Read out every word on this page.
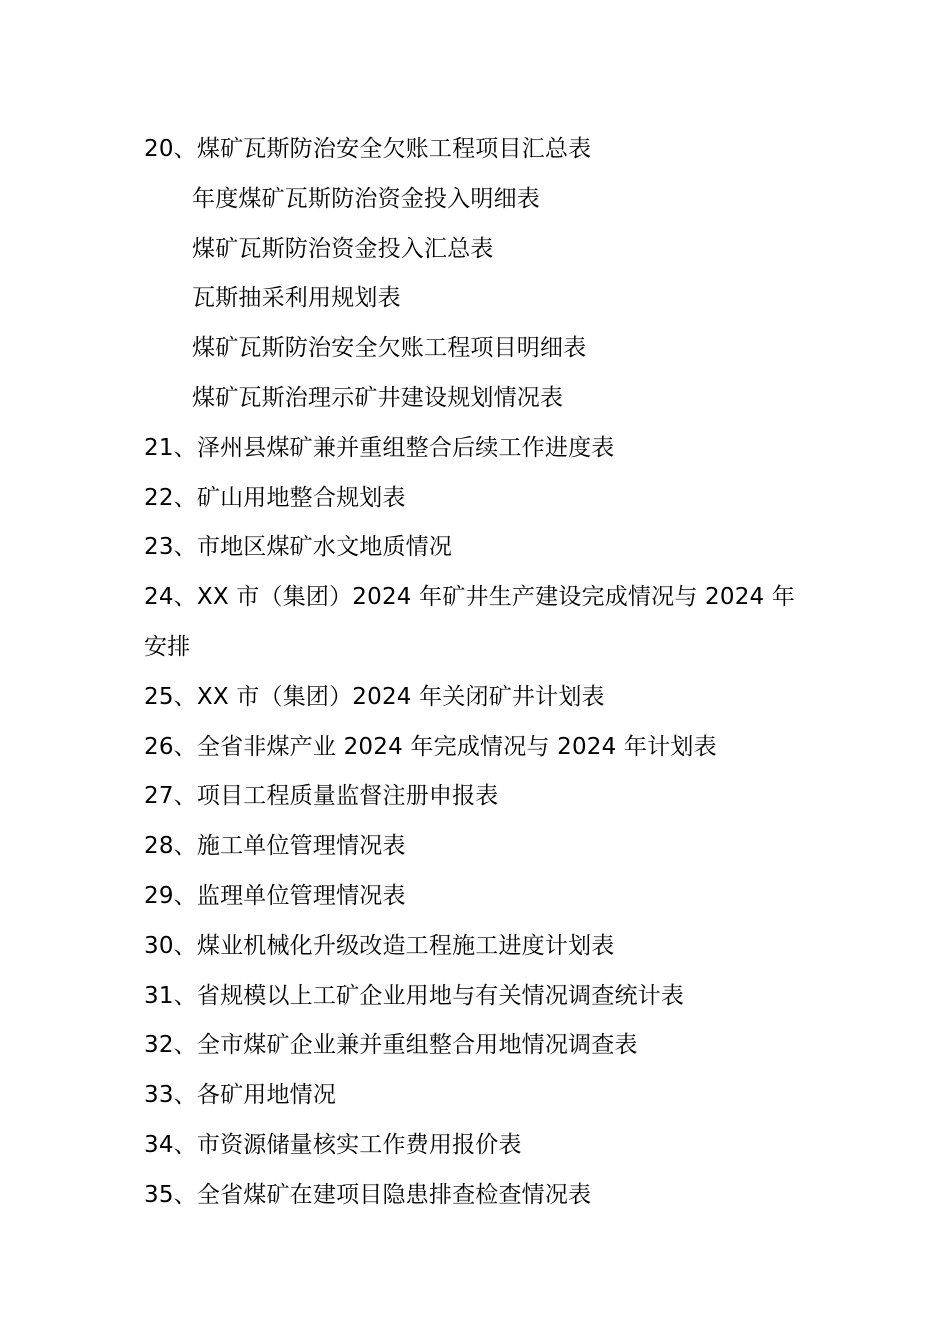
20、煤矿瓦斯防治安全欠账工程项目汇总表
年度煤矿瓦斯防治资金投入明细表
煤矿瓦斯防治资金投入汇总表
瓦斯抽采利用规划表
煤矿瓦斯防治安全欠账工程项目明细表
煤矿瓦斯治理示矿井建设规划情况表
21、泽州县煤矿兼并重组整合后续工作进度表
22、矿山用地整合规划表
23、市地区煤矿水文地质情况
24、XX 市（集团）2024 年矿井生产建设完成情况与 2024 年
安排
25、XX 市（集团）2024 年关闭矿井计划表
26、全省非煤产业 2024 年完成情况与 2024 年计划表
27、项目工程质量监督注册申报表
28、施工单位管理情况表
29、监理单位管理情况表
30、煤业机械化升级改造工程施工进度计划表
31、省规模以上工矿企业用地与有关情况调查统计表
32、全市煤矿企业兼并重组整合用地情况调查表
33、各矿用地情况
34、市资源储量核实工作费用报价表
35、全省煤矿在建项目隐患排查检查情况表
